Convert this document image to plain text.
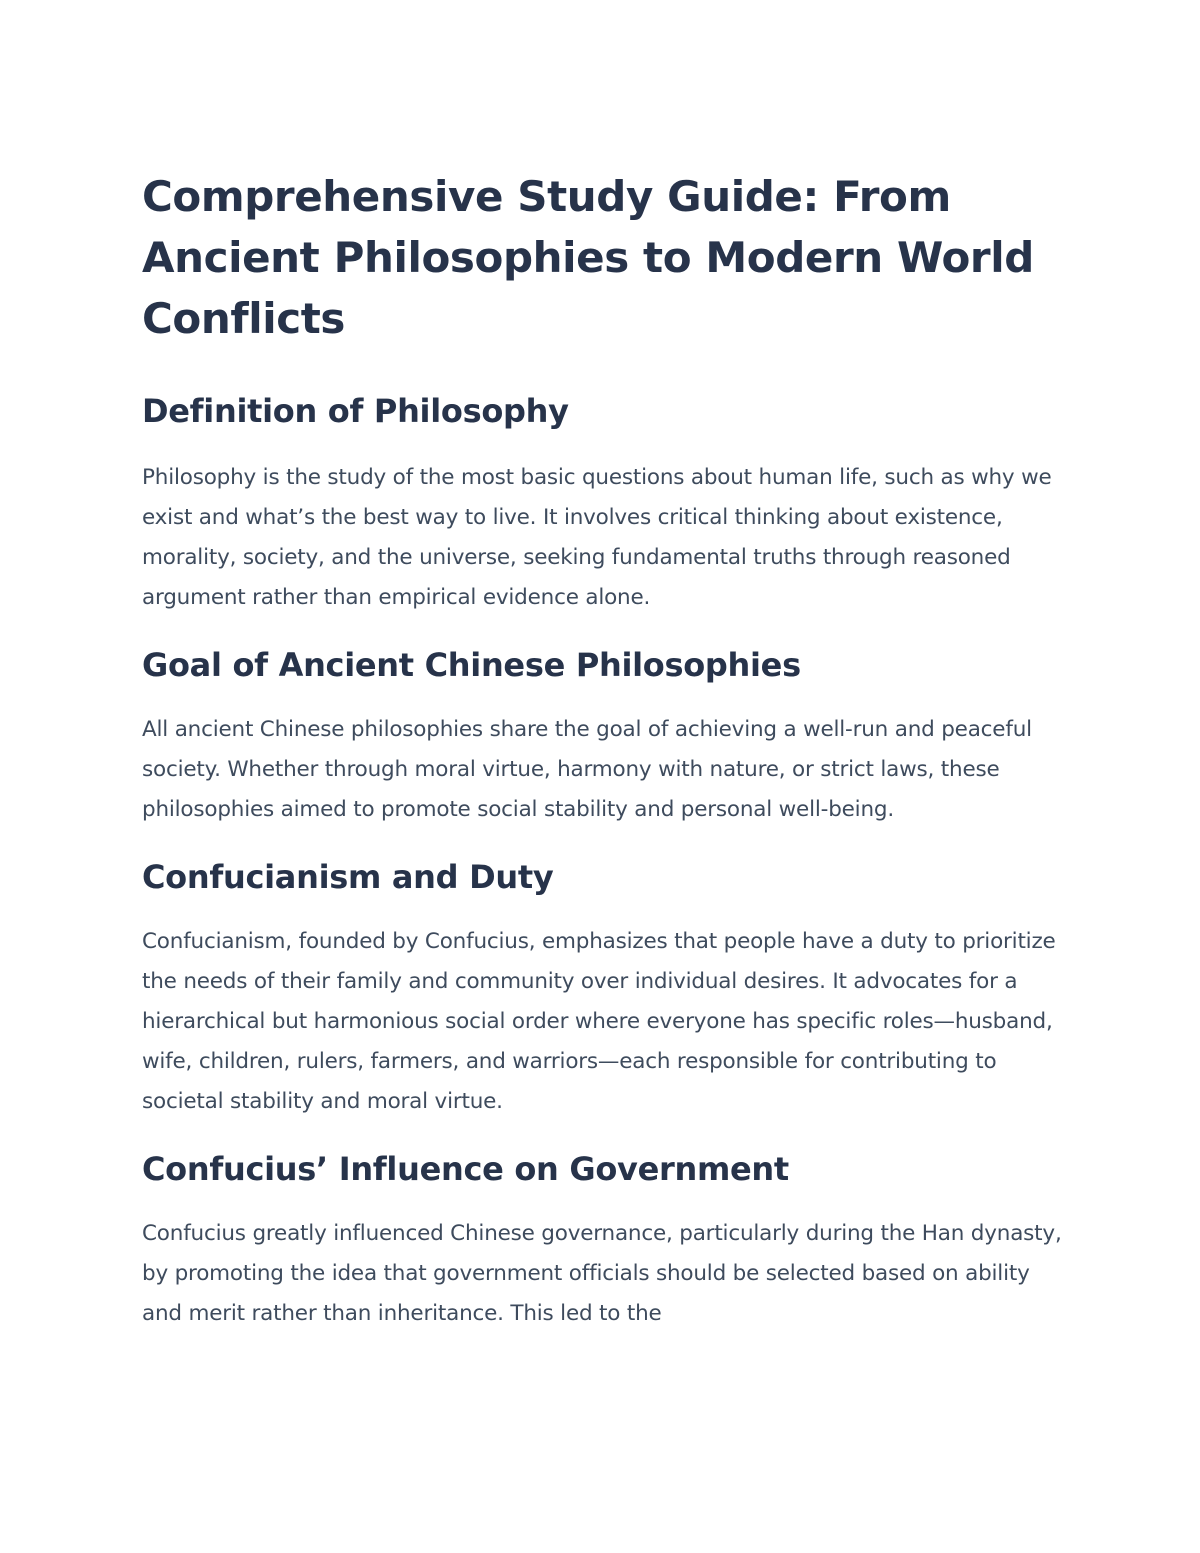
Comprehensive Study Guide: From Ancient Philosophies to Modern World Conflicts
Definition of Philosophy

Philosophy is the study of the most basic questions about human life, such as why we exist and what’s the best way to live. It involves critical thinking about existence, morality, society, and the universe, seeking fundamental truths through reasoned argument rather than empirical evidence alone.

Goal of Ancient Chinese Philosophies

All ancient Chinese philosophies share the goal of achieving a well-run and peaceful society. Whether through moral virtue, harmony with nature, or strict laws, these philosophies aimed to promote social stability and personal well-being.

Confucianism and Duty

Confucianism, founded by Confucius, emphasizes that people have a duty to prioritize the needs of their family and community over individual desires. It advocates for a hierarchical but harmonious social order where everyone has specific roles—husband, wife, children, rulers, farmers, and warriors—each responsible for contributing to societal stability and moral virtue.

Confucius’ Influence on Government

Confucius greatly influenced Chinese governance, particularly during the Han dynasty, by promoting the idea that government officials should be selected based on ability and merit rather than inheritance. This led to the
